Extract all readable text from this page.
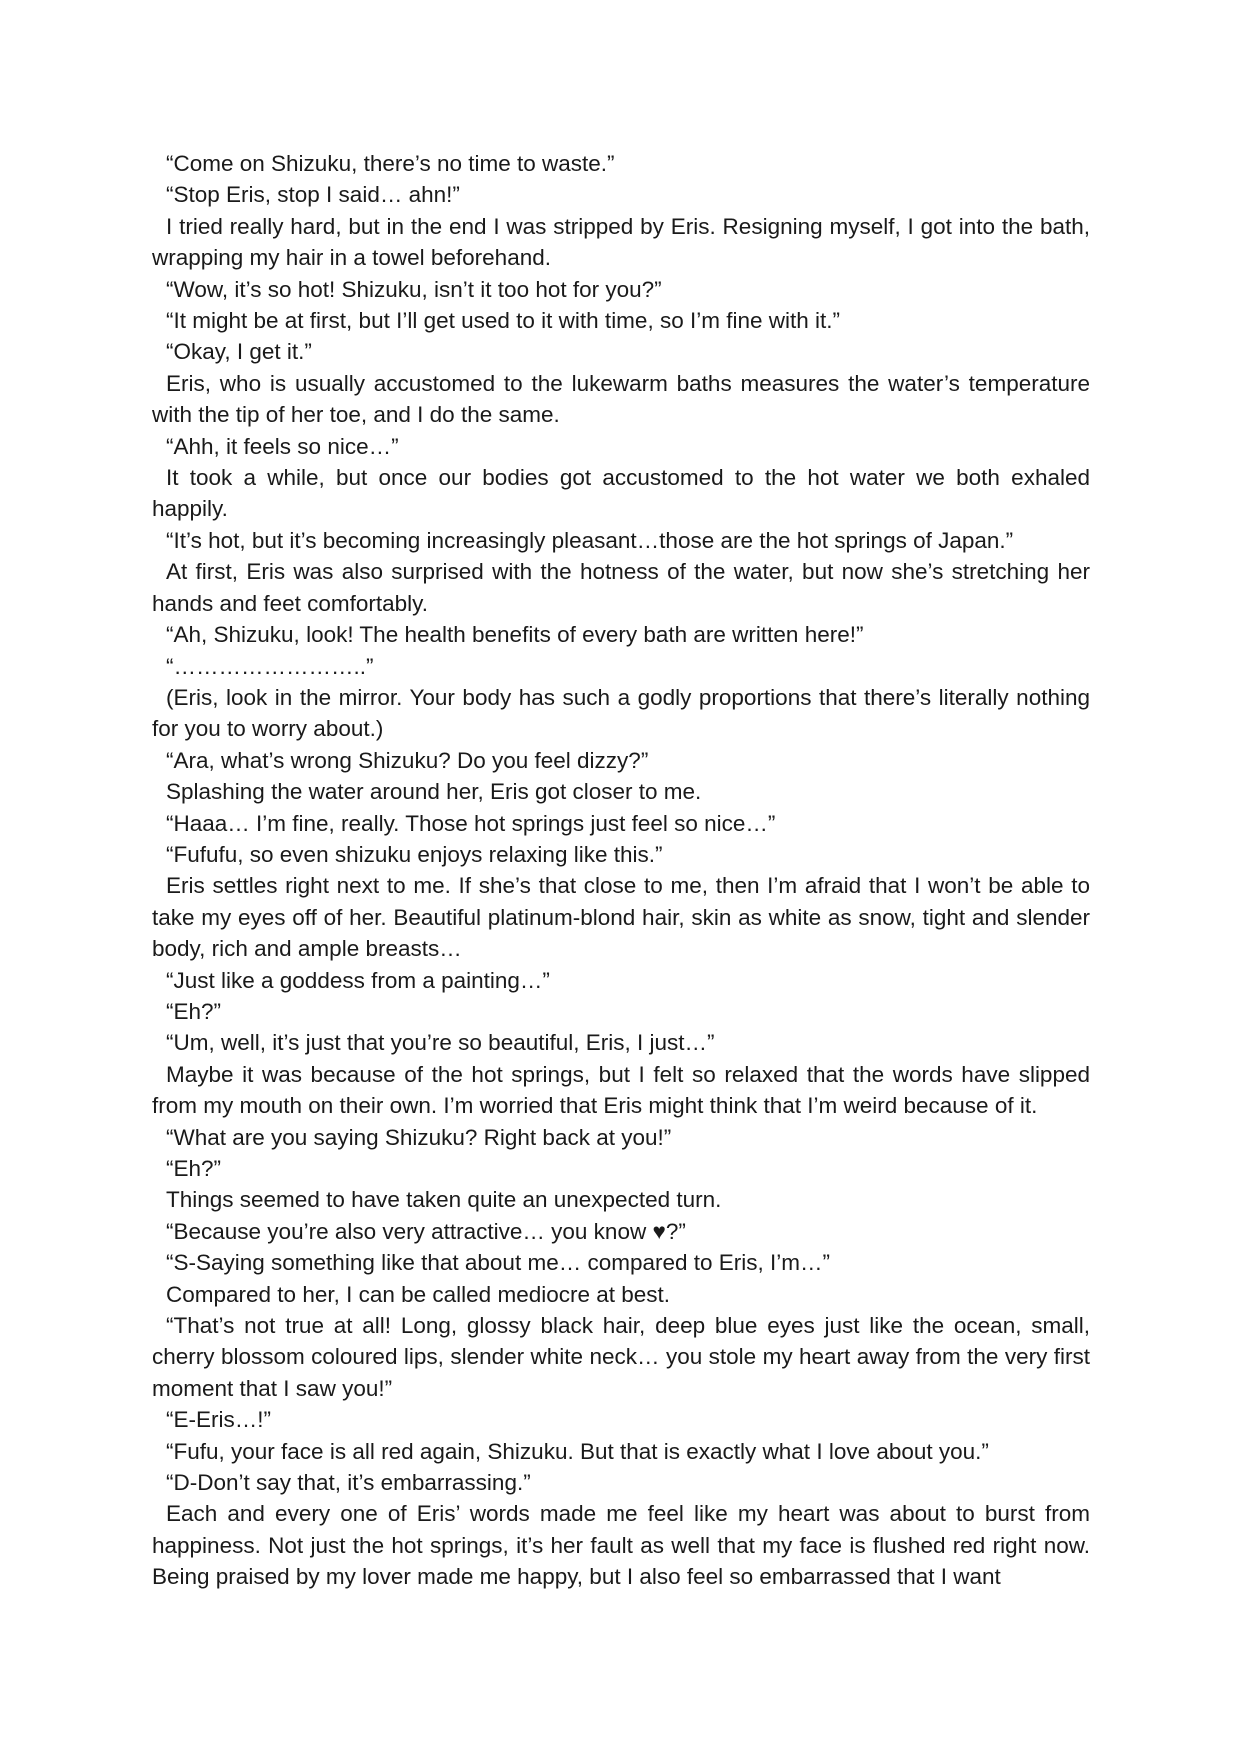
“Come on Shizuku, there’s no time to waste.”

“Stop Eris, stop I said… ahn!”

I tried really hard, but in the end I was stripped by Eris. Resigning myself, I got into the bath, wrapping my hair in a towel beforehand.

“Wow, it’s so hot! Shizuku, isn’t it too hot for you?”

“It might be at first, but I’ll get used to it with time, so I’m fine with it.”

“Okay, I get it.”

Eris, who is usually accustomed to the lukewarm baths measures the water’s temperature with the tip of her toe, and I do the same.

“Ahh, it feels so nice…”

It took a while, but once our bodies got accustomed to the hot water we both exhaled happily.

“It’s hot, but it’s becoming increasingly pleasant…those are the hot springs of Japan.”

At first, Eris was also surprised with the hotness of the water, but now she’s stretching her hands and feet comfortably.

“Ah, Shizuku, look! The health benefits of every bath are written here!”

“……………………..”

(Eris, look in the mirror. Your body has such a godly proportions that there’s literally nothing for you to worry about.)

“Ara, what’s wrong Shizuku? Do you feel dizzy?”

Splashing the water around her, Eris got closer to me.

“Haaa… I’m fine, really. Those hot springs just feel so nice…”

“Fufufu, so even shizuku enjoys relaxing like this.”

Eris settles right next to me. If she’s that close to me, then I’m afraid that I won’t be able to take my eyes off of her. Beautiful platinum-blond hair, skin as white as snow, tight and slender body, rich and ample breasts…

“Just like a goddess from a painting…”

“Eh?”

“Um, well, it’s just that you’re so beautiful, Eris, I just…”

Maybe it was because of the hot springs, but I felt so relaxed that the words have slipped from my mouth on their own. I’m worried that Eris might think that I’m weird because of it.

“What are you saying Shizuku? Right back at you!”

“Eh?”

Things seemed to have taken quite an unexpected turn.

“Because you’re also very attractive… you know ♥?”

“S-Saying something like that about me… compared to Eris, I’m…”

Compared to her, I can be called mediocre at best.

“That’s not true at all! Long, glossy black hair, deep blue eyes just like the ocean, small, cherry blossom coloured lips, slender white neck… you stole my heart away from the very first moment that I saw you!”

“E-Eris…!”

“Fufu, your face is all red again, Shizuku. But that is exactly what I love about you.”

“D-Don’t say that, it’s embarrassing.”

Each and every one of Eris’ words made me feel like my heart was about to burst from happiness. Not just the hot springs, it’s her fault as well that my face is flushed red right now. Being praised by my lover made me happy, but I also feel so embarrassed that I want
